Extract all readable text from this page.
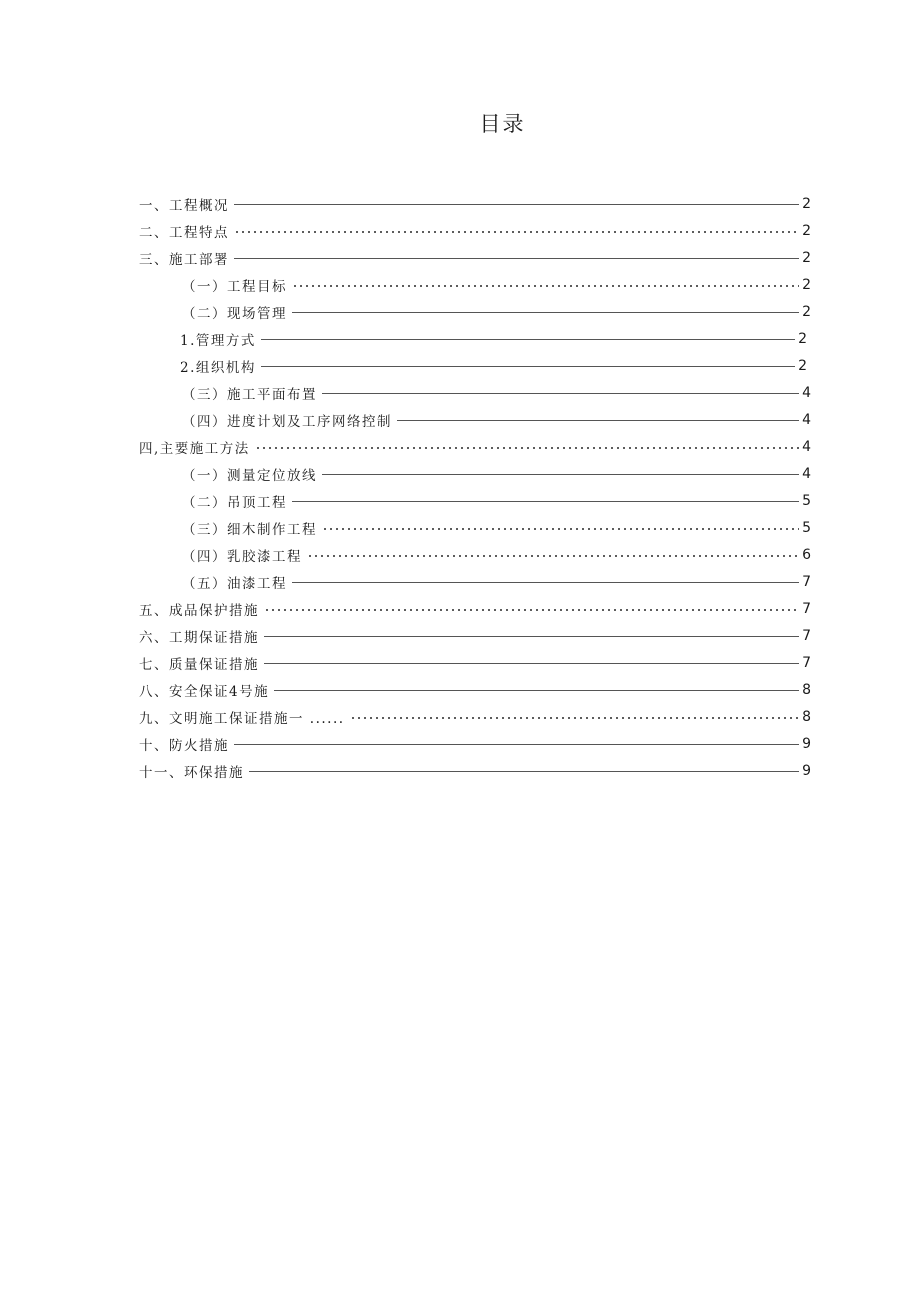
目录
一、工程概况	2
二、工程特点	2
三、施工部署	2
（一）工程目标	2
（二）现场管理	2
1.管理方式	2
2.组织机构	2
（三）施工平面布置	4
（四）进度计划及工序网络控制	4
四,主要施工方法	4
（一）测量定位放线	4
（二）吊顶工程	5
（三）细木制作工程	5
（四）乳胶漆工程	6
（五）油漆工程	7
五、成品保护措施	7
六、工期保证措施	7
七、质量保证措施	7
八、安全保证4号施	8
九、文明施工保证措施一 ......	8
十、防火措施	9
十一、环保措施	9
